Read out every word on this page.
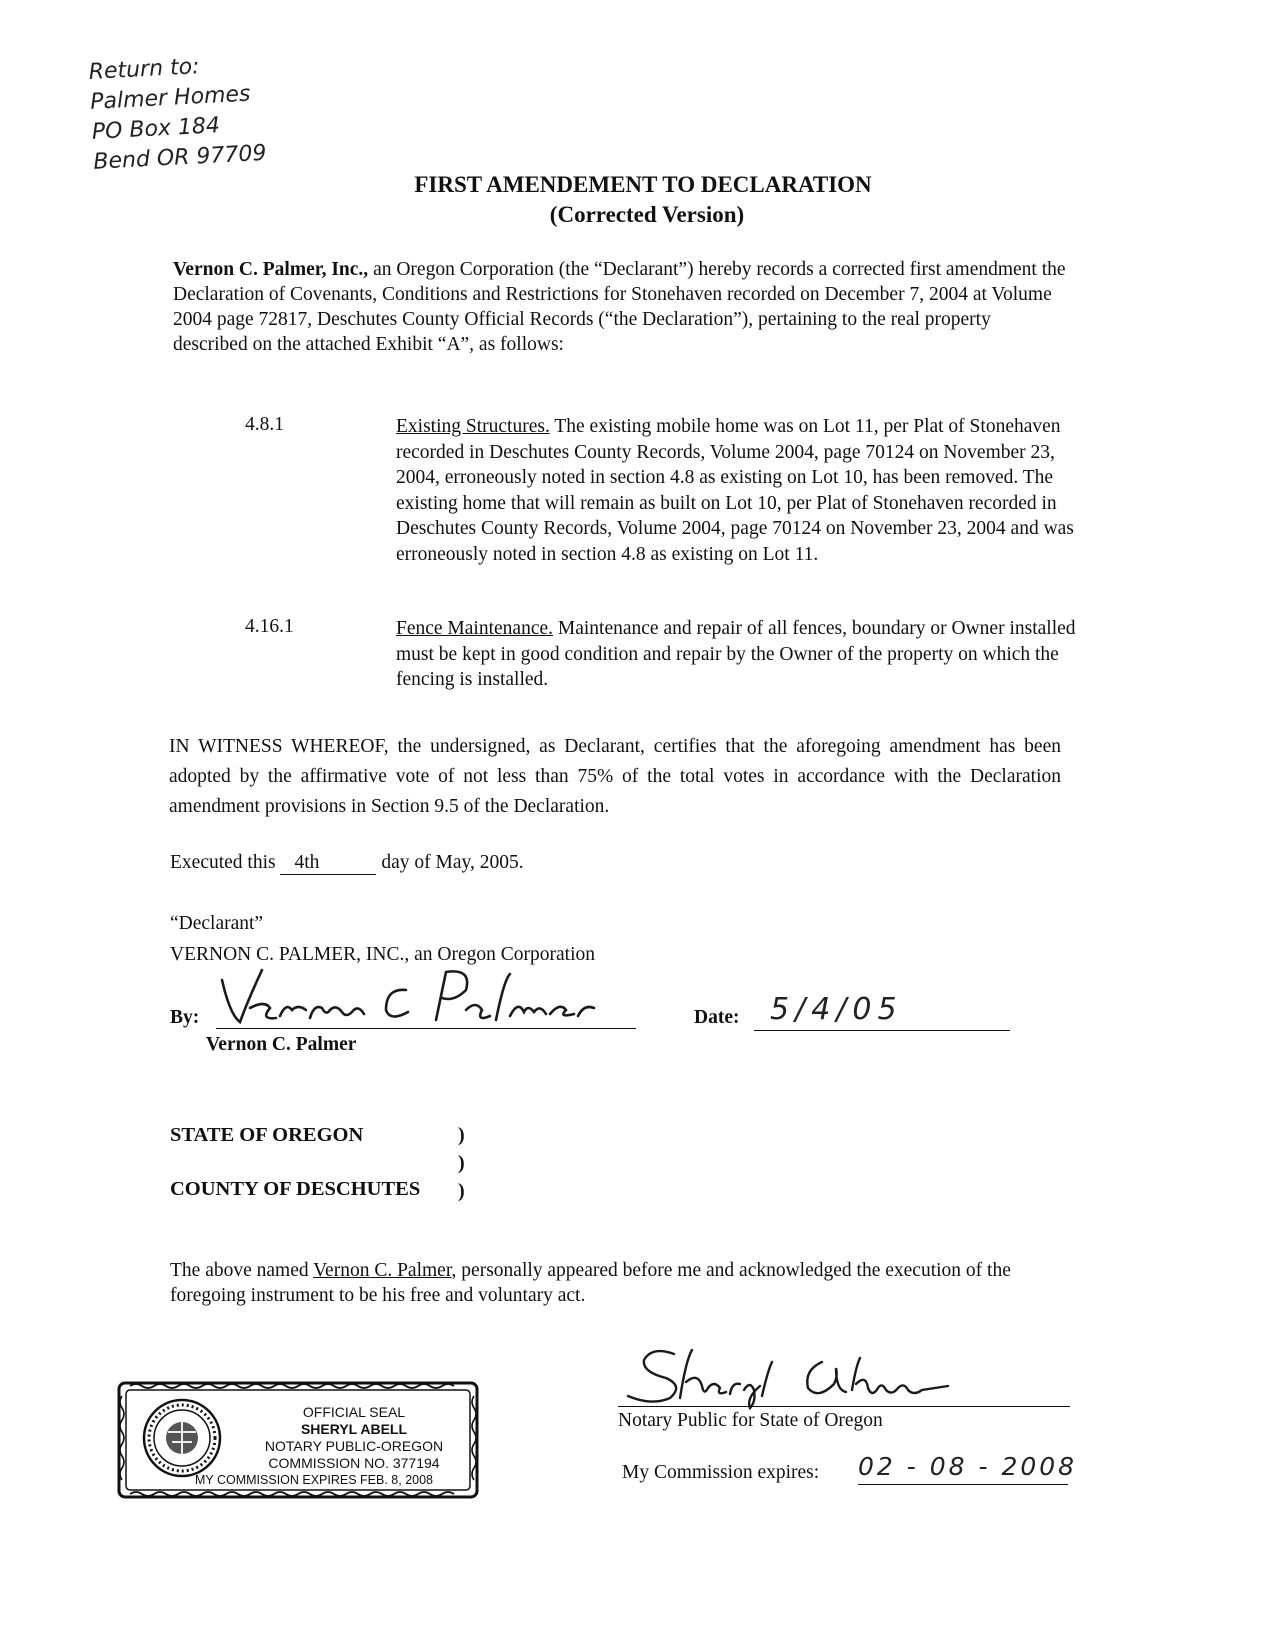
Return to:
Palmer Homes
PO Box 184
Bend OR 97709
FIRST AMENDEMENT TO DECLARATION
(Corrected Version)
Vernon C. Palmer, Inc., an Oregon Corporation (the “Declarant”) hereby records a corrected first amendment the Declaration of Covenants, Conditions and Restrictions for Stonehaven recorded on December 7, 2004 at Volume 2004 page 72817, Deschutes County Official Records (“the Declaration”), pertaining to the real property described on the attached Exhibit “A”, as follows:
4.8.1	Existing Structures. The existing mobile home was on Lot 11, per Plat of Stonehaven recorded in Deschutes County Records, Volume 2004, page 70124 on November 23, 2004, erroneously noted in section 4.8 as existing on Lot 10, has been removed. The existing home that will remain as built on Lot 10, per Plat of Stonehaven recorded in Deschutes County Records, Volume 2004, page 70124 on November 23, 2004 and was erroneously noted in section 4.8 as existing on Lot 11.
4.16.1	Fence Maintenance. Maintenance and repair of all fences, boundary or Owner installed must be kept in good condition and repair by the Owner of the property on which the fencing is installed.
IN WITNESS WHEREOF, the undersigned, as Declarant, certifies that the aforegoing amendment has been adopted by the affirmative vote of not less than 75% of the total votes in accordance with the Declaration amendment provisions in Section 9.5 of the Declaration.
Executed this 4th	day of May, 2005.
“Declarant”
VERNON C. PALMER, INC., an Oregon Corporation
By:
Vernon C. Palmer
Date: 5/4/05
STATE OF OREGON	)
)
COUNTY OF DESCHUTES )
The above named Vernon C. Palmer, personally appeared before me and acknowledged the execution of the foregoing instrument to be his free and voluntary act.
Notary Public for State of Oregon
My Commission expires: 02 - 08 - 2008
OFFICIAL SEAL
SHERYL ABELL
NOTARY PUBLIC-OREGON
COMMISSION NO. 377194
MY COMMISSION EXPIRES FEB. 8, 2008
